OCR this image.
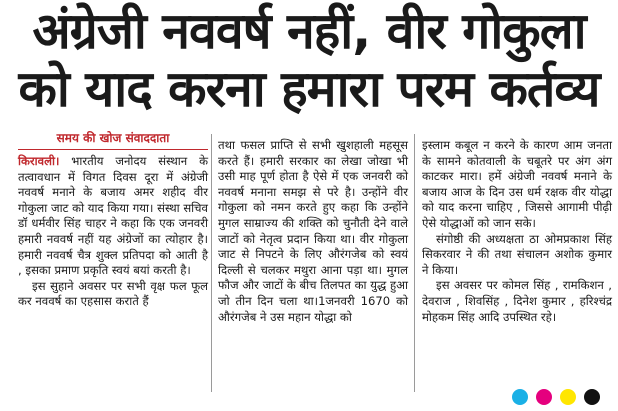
अंग्रेजी नववर्ष नहीं, वीर गोकुला
को याद करना हमारा परम कर्तव्य
समय की खोज संवाददाता

किरावली। भारतीय जनोदय संस्थान के तत्वावधान में विगत दिवस दूरा में अंग्रेजी नववर्ष मनाने के बजाय अमर शहीद वीर गोकुला जाट को याद किया गया। संस्था सचिव डॉ धर्मवीर सिंह चाहर ने कहा कि एक जनवरी हमारी नववर्ष नहीं यह अंग्रेजों का त्योहार है। हमारी नववर्ष चैत्र शुक्ल प्रतिपदा को आती है , इसका प्रमाण प्रकृति स्वयं बयां करती है।

इस सुहाने अवसर पर सभी वृक्ष फल फूल कर नववर्ष का एहसास कराते हैं

तथा फसल प्राप्ति से सभी खुशहाली महसूस करते हैं। हमारी सरकार का लेखा जोखा भी उसी माह पूर्ण होता है ऐसे में एक जनवरी को नववर्ष मनाना समझ से परे है। उन्होंने वीर गोकुला को नमन करते हुए कहा कि उन्होंने मुगल साम्राज्य की शक्ति को चुनौती देने वाले जाटों को नेतृत्व प्रदान किया था। वीर गोकुला जाट से निपटने के लिए औरंगजेब को स्वयं दिल्ली से चलकर मथुरा आना पड़ा था। मुगल फौज और जाटों के बीच तिलपत का युद्ध हुआ जो तीन दिन चला था।1जनवरी 1670 को औरंगजेब ने उस महान योद्धा को

इस्लाम कबूल न करने के कारण आम जनता के सामने कोतवाली के चबूतरे पर अंग अंग काटकर मारा। हमें अंग्रेजी नववर्ष मनाने के बजाय आज के दिन उस धर्म रक्षक वीर योद्धा को याद करना चाहिए , जिससे आगामी पीढ़ी ऐसे योद्धाओं को जान सके।

संगोष्ठी की अध्यक्षता ठा ओमप्रकाश सिंह सिकरवार ने की तथा संचालन अशोक कुमार ने किया।

इस अवसर पर कोमल सिंह , रामकिशन , देवराज , शिवसिंह , दिनेश कुमार , हरिश्चंद्र मोहकम सिंह आदि उपस्थित रहे।
